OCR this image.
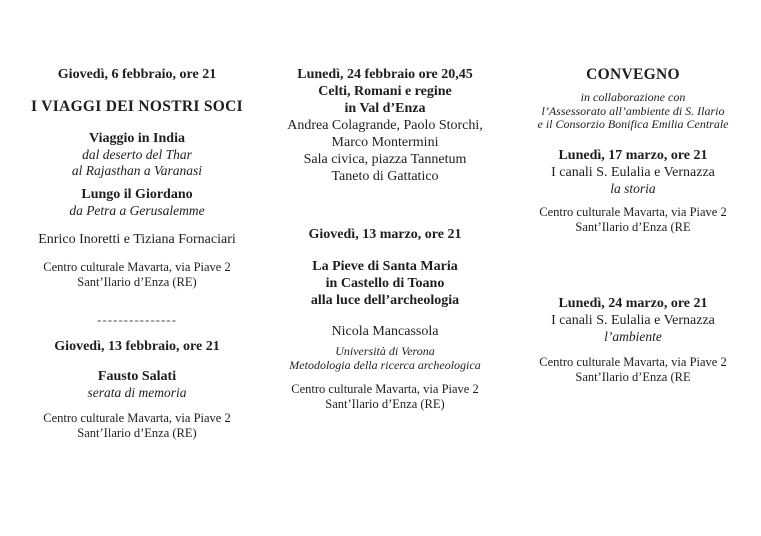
Giovedì, 6 febbraio, ore 21
I VIAGGI DEI NOSTRI SOCI
Viaggio in India
dal deserto del Thar
al Rajasthan a Varanasi
Lungo il Giordano
da Petra a Gerusalemme
Enrico Inoretti e Tiziana Fornaciari
Centro culturale Mavarta, via Piave 2
Sant’Ilario d’Enza (RE)
---------------
Giovedì, 13 febbraio, ore 21
Fausto Salati
serata di memoria
Centro culturale Mavarta, via Piave 2
Sant’Ilario d’Enza (RE)
Lunedì, 24 febbraio ore 20,45
Celti, Romani e regine
in Val d’Enza
Andrea Colagrande, Paolo Storchi,
Marco Montermini
Sala civica, piazza Tannetum
Taneto di Gattatico
Giovedì, 13 marzo, ore 21
La Pieve di Santa Maria
in Castello di Toano
alla luce dell’archeologia
Nicola Mancassola
Università di Verona
Metodologia della ricerca archeologica
Centro culturale Mavarta, via Piave 2
Sant’Ilario d’Enza (RE)
CONVEGNO
in collaborazione con
l’Assessorato all’ambiente di S. Ilario
e il Consorzio Bonifica Emilia Centrale
Lunedì, 17 marzo, ore 21
I canali S. Eulalia e Vernazza
la storia
Centro culturale Mavarta, via Piave 2
Sant’Ilario d’Enza (RE
Lunedì, 24 marzo, ore 21
I canali S. Eulalia e Vernazza
l’ambiente
Centro culturale Mavarta, via Piave 2
Sant’Ilario d’Enza (RE
